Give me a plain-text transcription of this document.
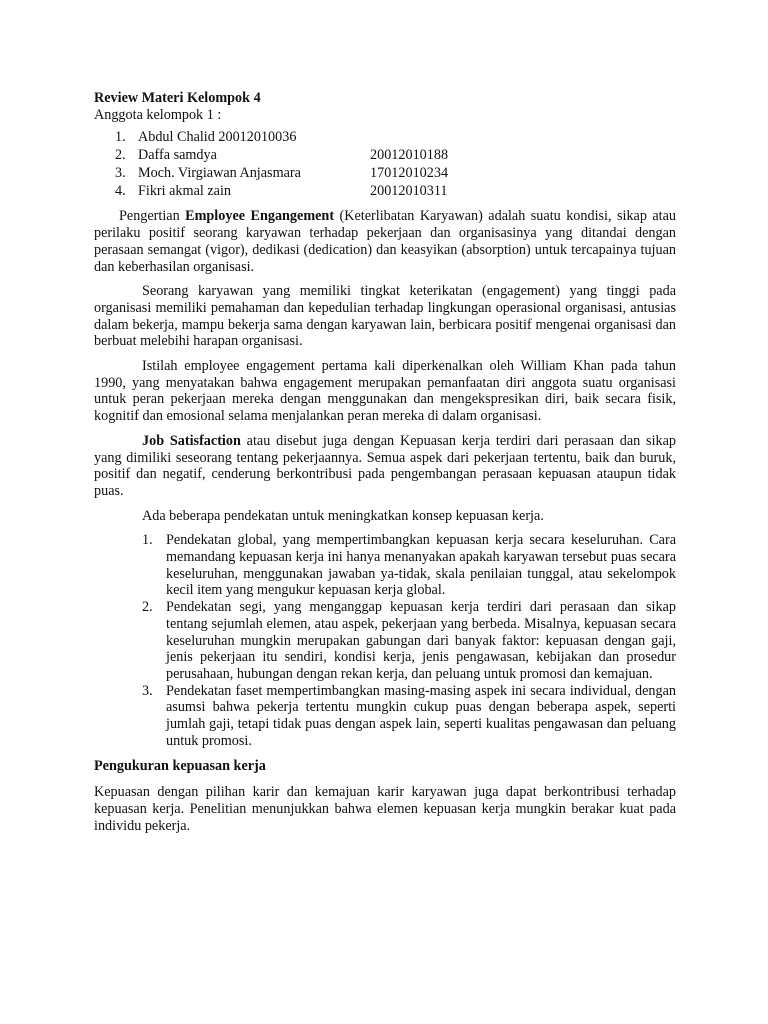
Review Materi Kelompok 4

Anggota kelompok 1 :

1. Abdul Chalid 20012010036
2. Daffa samdya	20012010188
3. Moch. Virgiawan Anjasmara	17012010234
4. Fikri akmal zain	20012010311

Pengertian Employee Engangement (Keterlibatan Karyawan) adalah suatu kondisi, sikap atau perilaku positif seorang karyawan terhadap pekerjaan dan organisasinya yang ditandai dengan perasaan semangat (vigor), dedikasi (dedication) dan keasyikan (absorption) untuk tercapainya tujuan dan keberhasilan organisasi.

Seorang karyawan yang memiliki tingkat keterikatan (engagement) yang tinggi pada organisasi memiliki pemahaman dan kepedulian terhadap lingkungan operasional organisasi, antusias dalam bekerja, mampu bekerja sama dengan karyawan lain, berbicara positif mengenai organisasi dan berbuat melebihi harapan organisasi.

Istilah employee engagement pertama kali diperkenalkan oleh William Khan pada tahun 1990, yang menyatakan bahwa engagement merupakan pemanfaatan diri anggota suatu organisasi untuk peran pekerjaan mereka dengan menggunakan dan mengekspresikan diri, baik secara fisik, kognitif dan emosional selama menjalankan peran mereka di dalam organisasi.

Job Satisfaction atau disebut juga dengan Kepuasan kerja terdiri dari perasaan dan sikap yang dimiliki seseorang tentang pekerjaannya. Semua aspek dari pekerjaan tertentu, baik dan buruk, positif dan negatif, cenderung berkontribusi pada pengembangan perasaan kepuasan ataupun tidak puas.

Ada beberapa pendekatan untuk meningkatkan konsep kepuasan kerja.

1. Pendekatan global, yang mempertimbangkan kepuasan kerja secara keseluruhan. Cara memandang kepuasan kerja ini hanya menanyakan apakah karyawan tersebut puas secara keseluruhan, menggunakan jawaban ya-tidak, skala penilaian tunggal, atau sekelompok kecil item yang mengukur kepuasan kerja global.
2. Pendekatan segi, yang menganggap kepuasan kerja terdiri dari perasaan dan sikap tentang sejumlah elemen, atau aspek, pekerjaan yang berbeda. Misalnya, kepuasan secara keseluruhan mungkin merupakan gabungan dari banyak faktor: kepuasan dengan gaji, jenis pekerjaan itu sendiri, kondisi kerja, jenis pengawasan, kebijakan dan prosedur perusahaan, hubungan dengan rekan kerja, dan peluang untuk promosi dan kemajuan.
3. Pendekatan faset mempertimbangkan masing-masing aspek ini secara individual, dengan asumsi bahwa pekerja tertentu mungkin cukup puas dengan beberapa aspek, seperti jumlah gaji, tetapi tidak puas dengan aspek lain, seperti kualitas pengawasan dan peluang untuk promosi.
Pengukuran kepuasan kerja

Kepuasan dengan pilihan karir dan kemajuan karir karyawan juga dapat berkontribusi terhadap kepuasan kerja. Penelitian menunjukkan bahwa elemen kepuasan kerja mungkin berakar kuat pada individu pekerja.
